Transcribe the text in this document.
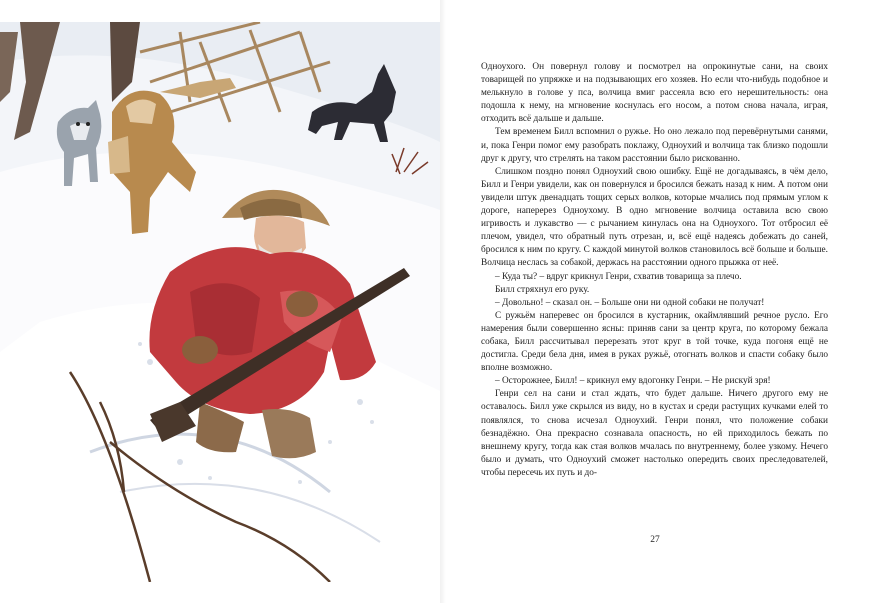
Одноухого. Он повернул голову и посмотрел на опрокинутые сани, на своих товарищей по упряжке и на подзывающих его хозяев. Но если что-нибудь подобное и мелькнуло в голове у пса, волчица вмиг рассеяла всю его нерешительность: она подошла к нему, на мгновение коснулась его носом, а потом снова начала, играя, отходить всё дальше и дальше.

Тем временем Билл вспомнил о ружье. Но оно лежало под перевёрнутыми санями, и, пока Генри помог ему разобрать поклажу, Одноухий и волчица так близко подошли друг к другу, что стрелять на таком расстоянии было рискованно.

Слишком поздно понял Одноухий свою ошибку. Ещё не догадываясь, в чём дело, Билл и Генри увидели, как он повернулся и бросился бежать назад к ним. А потом они увидели штук двенадцать тощих серых волков, которые мчались под прямым углом к дороге, наперерез Одноухому. В одно мгновение волчица оставила всю свою игривость и лукавство — с рычанием кинулась она на Одноухого. Тот отбросил её плечом, увидел, что обратный путь отрезан, и, всё ещё надеясь добежать до саней, бросился к ним по кругу. С каждой минутой волков становилось всё больше и больше. Волчица неслась за собакой, держась на расстоянии одного прыжка от неё.

– Куда ты? – вдруг крикнул Генри, схватив товарища за плечо.

Билл стряхнул его руку.

– Довольно! – сказал он. – Больше они ни одной собаки не получат!

С ружьём наперевес он бросился в кустарник, окаймлявший речное русло. Его намерения были совершенно ясны: приняв сани за центр круга, по которому бежала собака, Билл рассчитывал перерезать этот круг в той точке, куда погоня ещё не достигла. Среди бела дня, имея в руках ружьё, отогнать волков и спасти собаку было вполне возможно.

– Осторожнее, Билл! – крикнул ему вдогонку Генри. – Не рискуй зря!

Генри сел на сани и стал ждать, что будет дальше. Ничего другого ему не оставалось. Билл уже скрылся из виду, но в кустах и среди растущих кучками елей то появлялся, то снова исчезал Одноухий. Генри понял, что положение собаки безнадёжно. Она прекрасно сознавала опасность, но ей приходилось бежать по внешнему кругу, тогда как стая волков мчалась по внутреннему, более узкому. Нечего было и думать, что Одноухий сможет настолько опередить своих преследователей, чтобы пересечь их путь и до-

27
